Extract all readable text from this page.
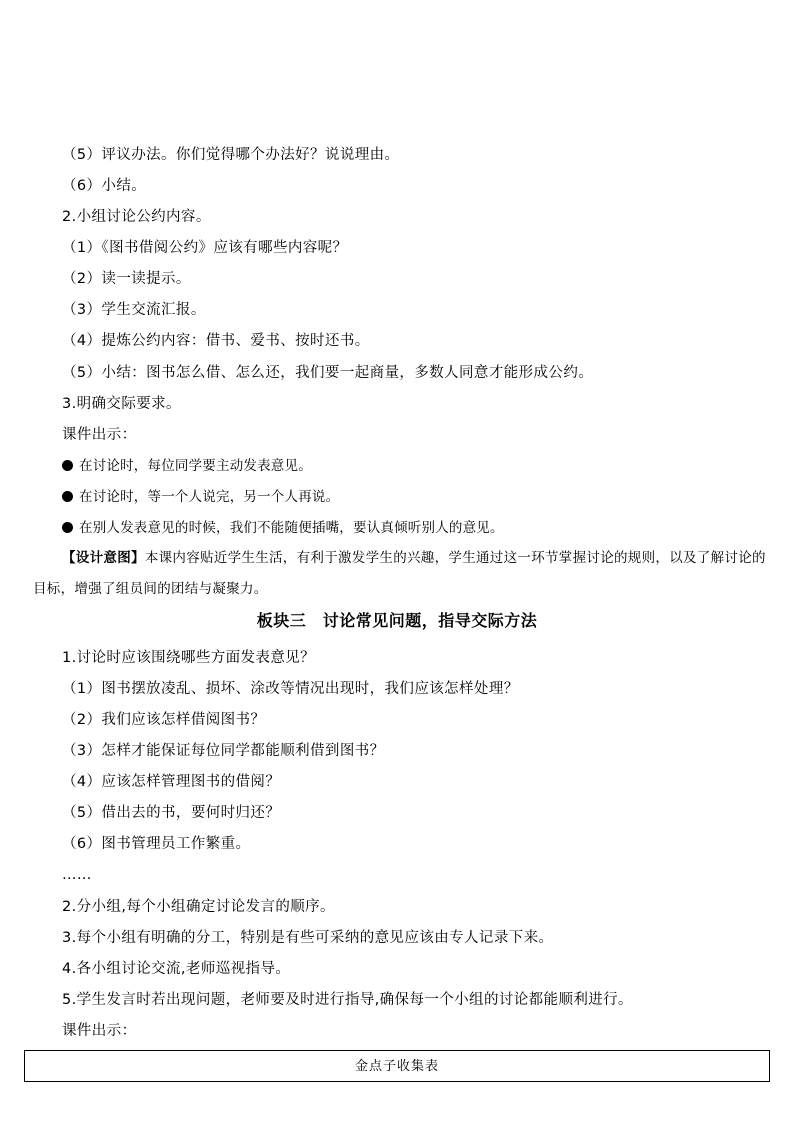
（5）评议办法。你们觉得哪个办法好？说说理由。
（6）小结。
2.小组讨论公约内容。
（1）《图书借阅公约》应该有哪些内容呢？
（2）读一读提示。
（3）学生交流汇报。
（4）提炼公约内容：借书、爱书、按时还书。
（5）小结：图书怎么借、怎么还，我们要一起商量，多数人同意才能形成公约。
3.明确交际要求。
课件出示：
在讨论时，每位同学要主动发表意见。
在讨论时，等一个人说完，另一个人再说。
在别人发表意见的时候，我们不能随便插嘴，要认真倾听别人的意见。
【设计意图】本课内容贴近学生生活，有利于激发学生的兴趣，学生通过这一环节掌握讨论的规则，以及了解讨论的目标，增强了组员间的团结与凝聚力。
板块三　讨论常见问题，指导交际方法
1.讨论时应该围绕哪些方面发表意见？
（1）图书摆放凌乱、损坏、涂改等情况出现时，我们应该怎样处理？
（2）我们应该怎样借阅图书？
（3）怎样才能保证每位同学都能顺利借到图书？
（4）应该怎样管理图书的借阅？
（5）借出去的书，要何时归还？
（6）图书管理员工作繁重。
……
2.分小组,每个小组确定讨论发言的顺序。
3.每个小组有明确的分工，特别是有些可采纳的意见应该由专人记录下来。
4.各小组讨论交流,老师巡视指导。
5.学生发言时若出现问题，老师要及时进行指导,确保每一个小组的讨论都能顺利进行。
课件出示：
金点子收集表
